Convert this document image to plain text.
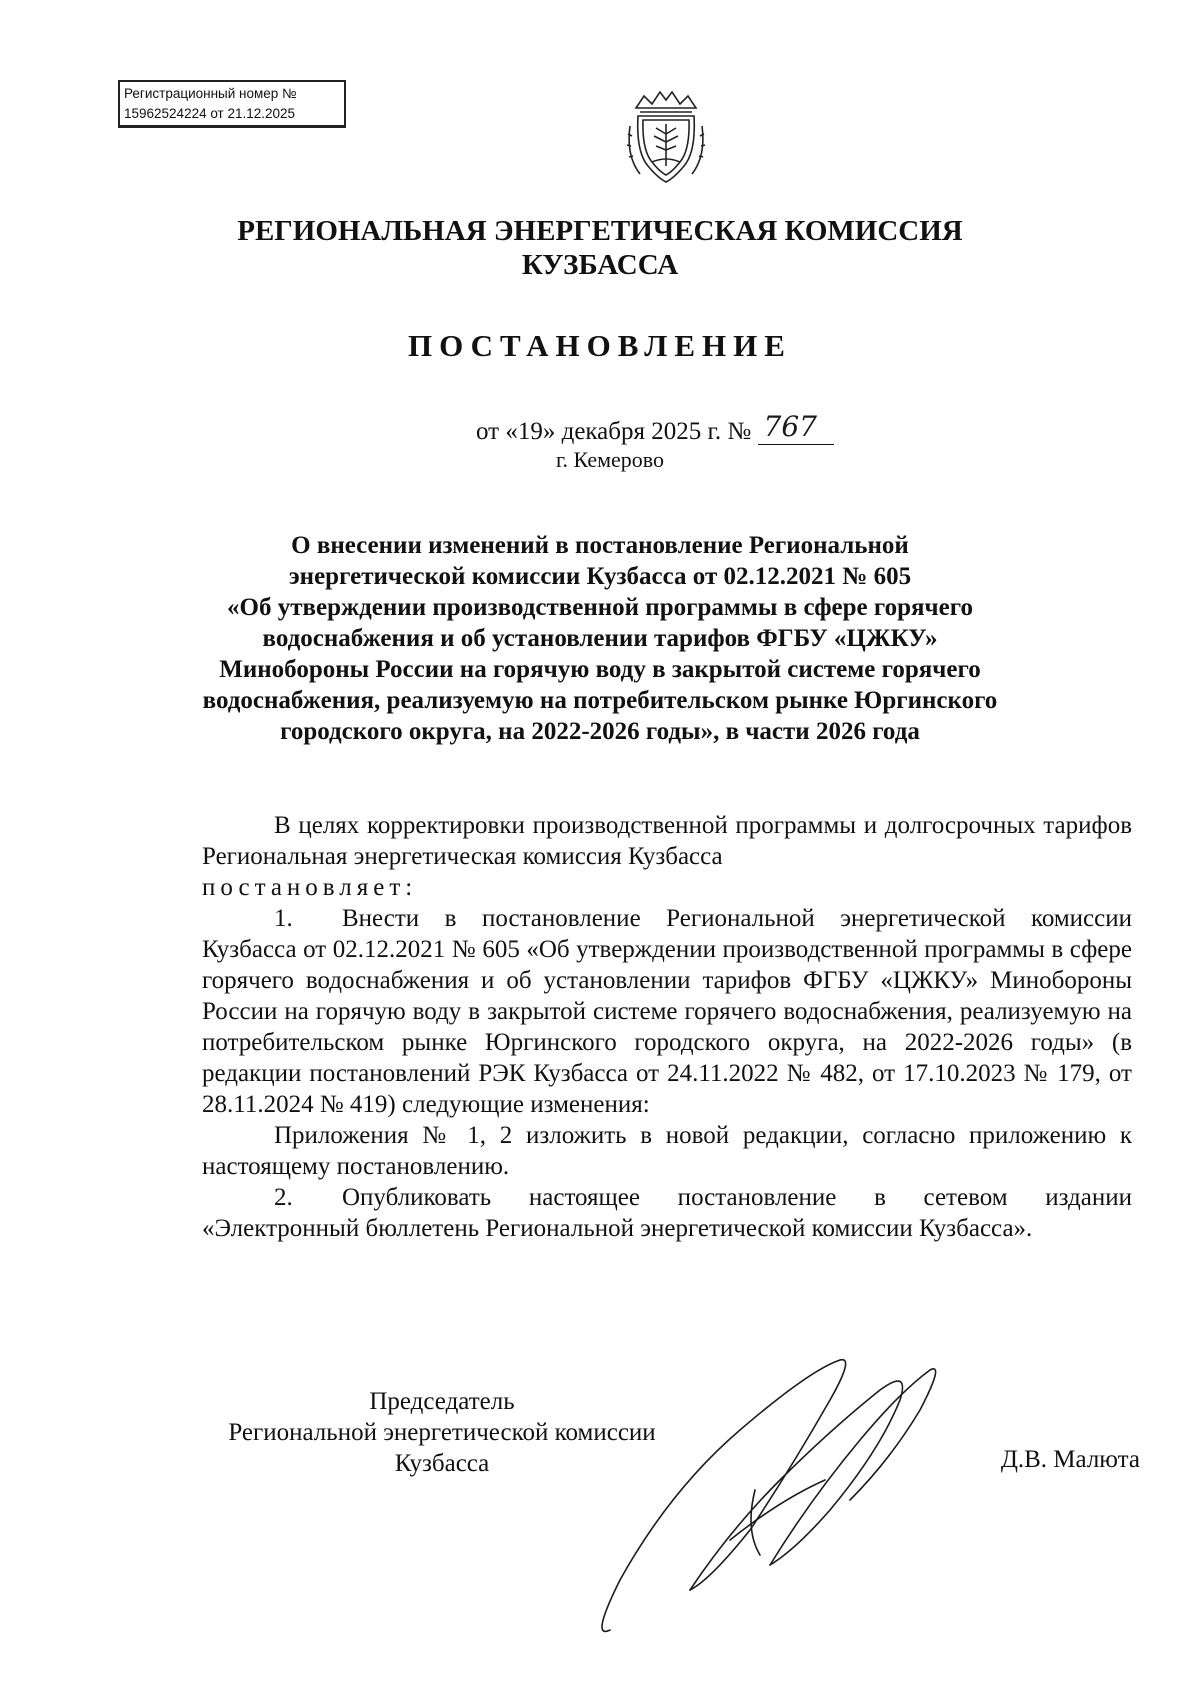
Регистрационный номер №
15962524224 от 21.12.2025
РЕГИОНАЛЬНАЯ ЭНЕРГЕТИЧЕСКАЯ КОМИССИЯ
КУЗБАССА
ПОСТАНОВЛЕНИЕ
от «19» декабря 2025 г. № 767
г. Кемерово
О внесении изменений в постановление Региональной
энергетической комиссии Кузбасса от 02.12.2021 № 605
«Об утверждении производственной программы в сфере горячего
водоснабжения и об установлении тарифов ФГБУ «ЦЖКУ»
Минобороны России на горячую воду в закрытой системе горячего
водоснабжения, реализуемую на потребительском рынке Юргинского
городского округа, на 2022-2026 годы», в части 2026 года

В целях корректировки производственной программы и долгосрочных тарифов Региональная энергетическая комиссия Кузбасса

постановляет:

1. Внести в постановление Региональной энергетической комиссии Кузбасса от 02.12.2021 № 605 «Об утверждении производственной программы в сфере горячего водоснабжения и об установлении тарифов ФГБУ «ЦЖКУ» Минобороны России на горячую воду в закрытой системе горячего водоснабжения, реализуемую на потребительском рынке Юргинского городского округа, на 2022-2026 годы» (в редакции постановлений РЭК Кузбасса от 24.11.2022 № 482, от 17.10.2023 № 179, от 28.11.2024 № 419) следующие изменения:

Приложения № 1, 2 изложить в новой редакции, согласно приложению к настоящему постановлению.

2. Опубликовать настоящее постановление в сетевом издании «Электронный бюллетень Региональной энергетической комиссии Кузбасса».

Председатель
Региональной энергетической комиссии
Кузбасса	Д.В. Малюта
